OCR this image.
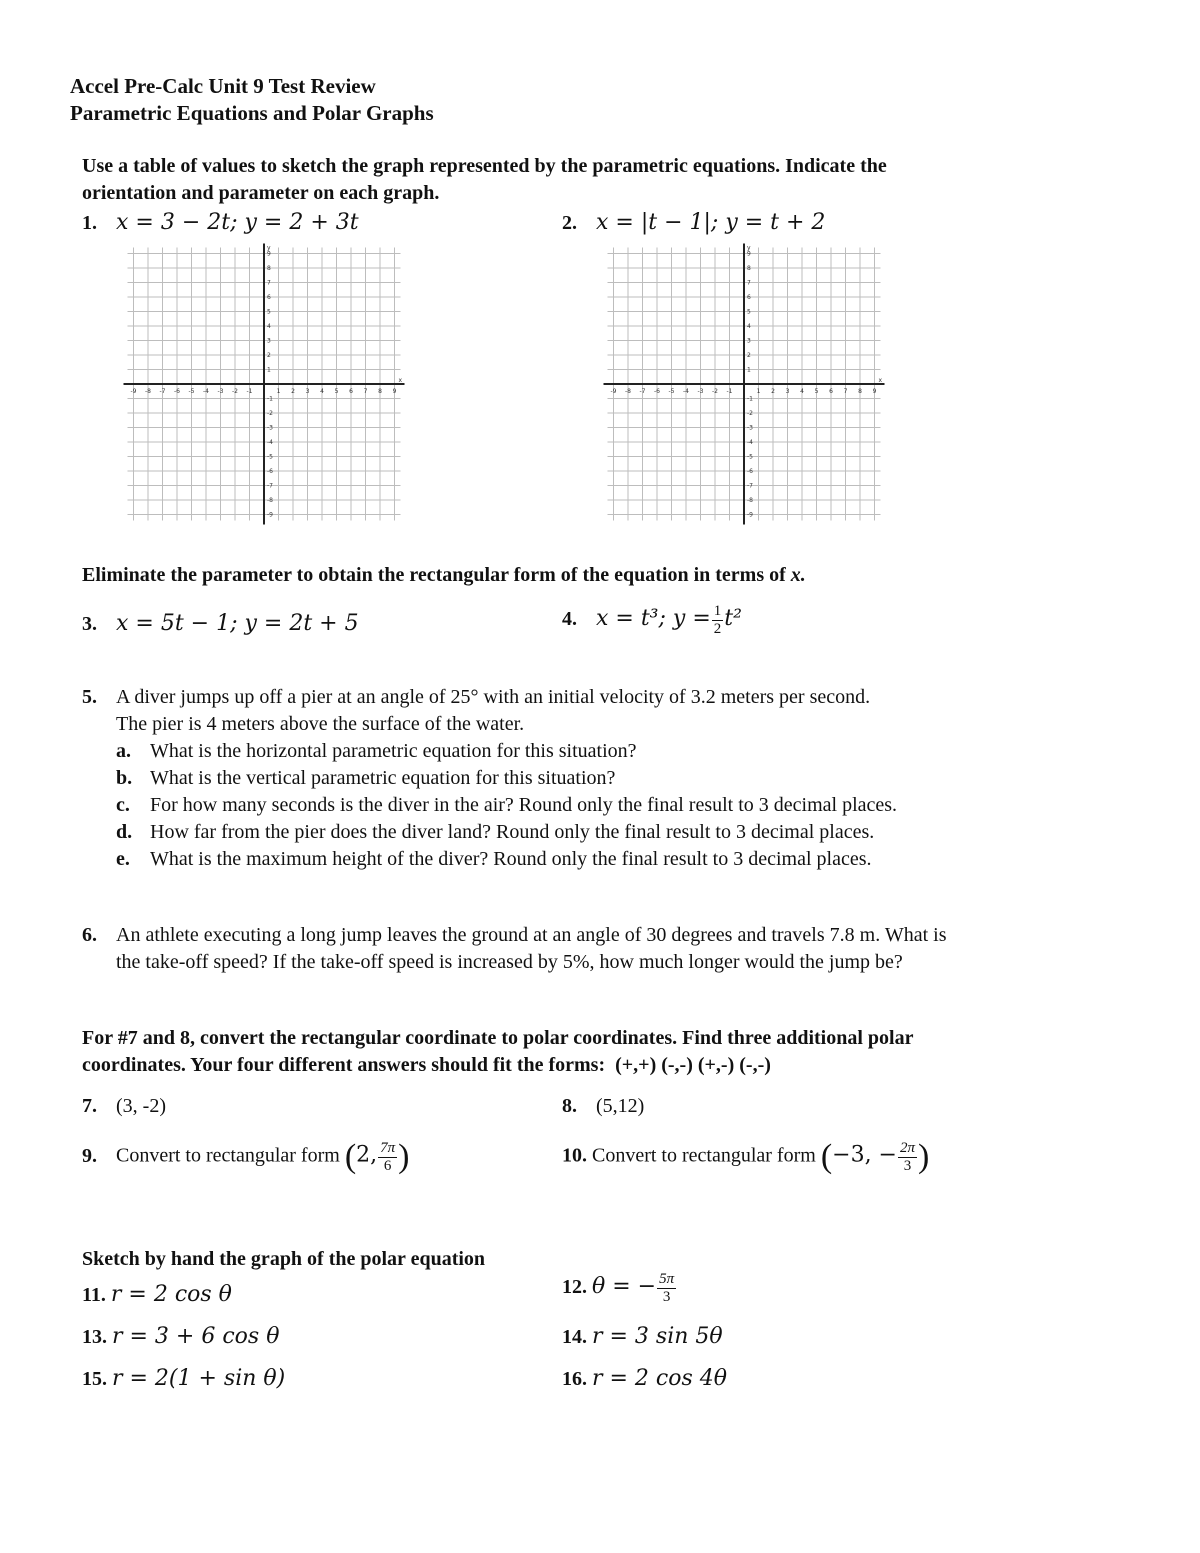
Accel Pre-Calc Unit 9 Test Review
Parametric Equations and Polar Graphs
Use a table of values to sketch the graph represented by the parametric equations. Indicate the
orientation and parameter on each graph.
1. x = 3 − 2t; y = 2 + 3t	2. x = |t − 1|; y = t + 2
x
y
-9 -8 -7 -6 -5 -4 -3 -2 -1	1 2 3 4 5 6 7 8 9
9
8
7
6
5
4
3
2
1
-1
-2
-3
-4
-5
-6
-7
-8
-9
x
y
-9 -8 -7 -6 -5 -4 -3 -2 -1	1 2 3 4 5 6 7 8 9
9
8
7
6
5
4
3
2
1
-1
-2
-3
-4
-5
-6
-7
-8
-9
Eliminate the parameter to obtain the rectangular form of the equation in terms of x.
3. x = 5t − 1; y = 2t + 5	4. x = t³; $y = \frac{1}{2} t^2$
5. A diver jumps up off a pier at an angle of 25° with an initial velocity of 3.2 meters per second.
The pier is 4 meters above the surface of the water.
a. What is the horizontal parametric equation for this situation?
b. What is the vertical parametric equation for this situation?
c. For how many seconds is the diver in the air? Round only the final result to 3 decimal places.
d. How far from the pier does the diver land? Round only the final result to 3 decimal places.
e. What is the maximum height of the diver? Round only the final result to 3 decimal places.
6. An athlete executing a long jump leaves the ground at an angle of 30 degrees and travels 7.8 m. What is
the take-off speed? If the take-off speed is increased by 5%, how much longer would the jump be?
For #7 and 8, convert the rectangular coordinate to polar coordinates. Find three additional polar
coordinates. Your four different answers should fit the forms: (+,+) (-,-) (+,-) (-,-)
7. (3, -2)	8. (5,12)
9. Convert to rectangular form (2, $\frac{7\pi}{6}$ )	10. Convert to rectangular form (−3, − $\frac{2\pi}{3}$ )
Sketch by hand the graph of the polar equation
11. r = 2 cos θ	12. θ = − $\frac{5\pi}{3}$
13. r = 3 + 6 cos θ	14. r = 3 sin 5θ
15. r = 2(1 + sin θ)	16. r = 2 cos 4θ
